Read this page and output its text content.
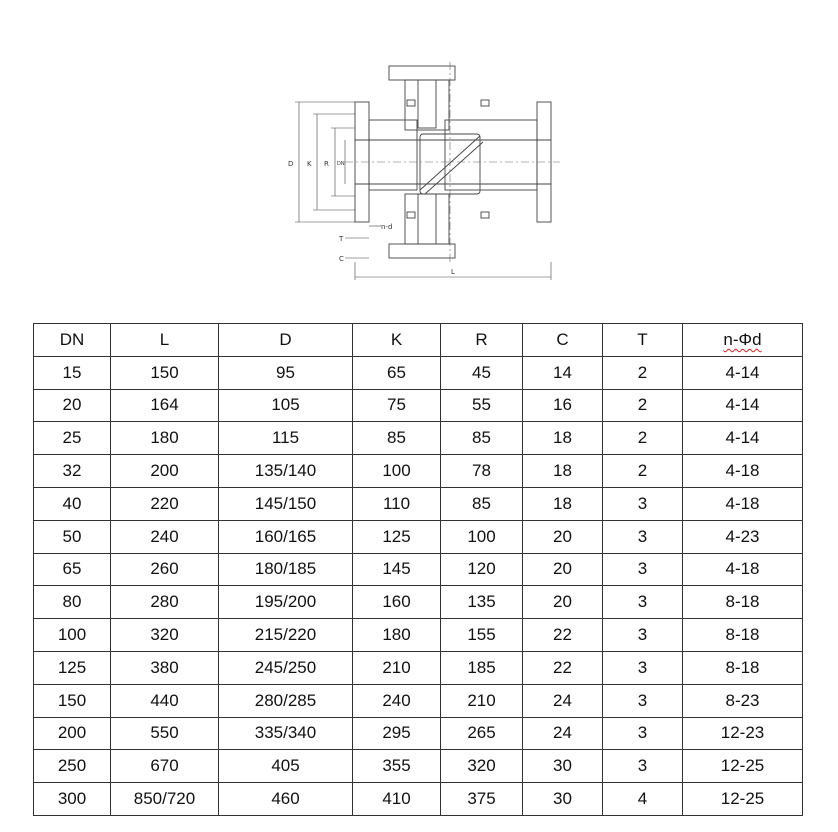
D K R DN
n-d
T
C
L
DN	L	D	K	R	C	T	n-Φd
15	150	95	65	45	14	2	4-14
20	164	105	75	55	16	2	4-14
25	180	115	85	85	18	2	4-14
32	200	135/140	100	78	18	2	4-18
40	220	145/150	110	85	18	3	4-18
50	240	160/165	125	100	20	3	4-23
65	260	180/185	145	120	20	3	4-18
80	280	195/200	160	135	20	3	8-18
100	320	215/220	180	155	22	3	8-18
125	380	245/250	210	185	22	3	8-18
150	440	280/285	240	210	24	3	8-23
200	550	335/340	295	265	24	3	12-23
250	670	405	355	320	30	3	12-25
300	850/720	460	410	375	30	4	12-25
